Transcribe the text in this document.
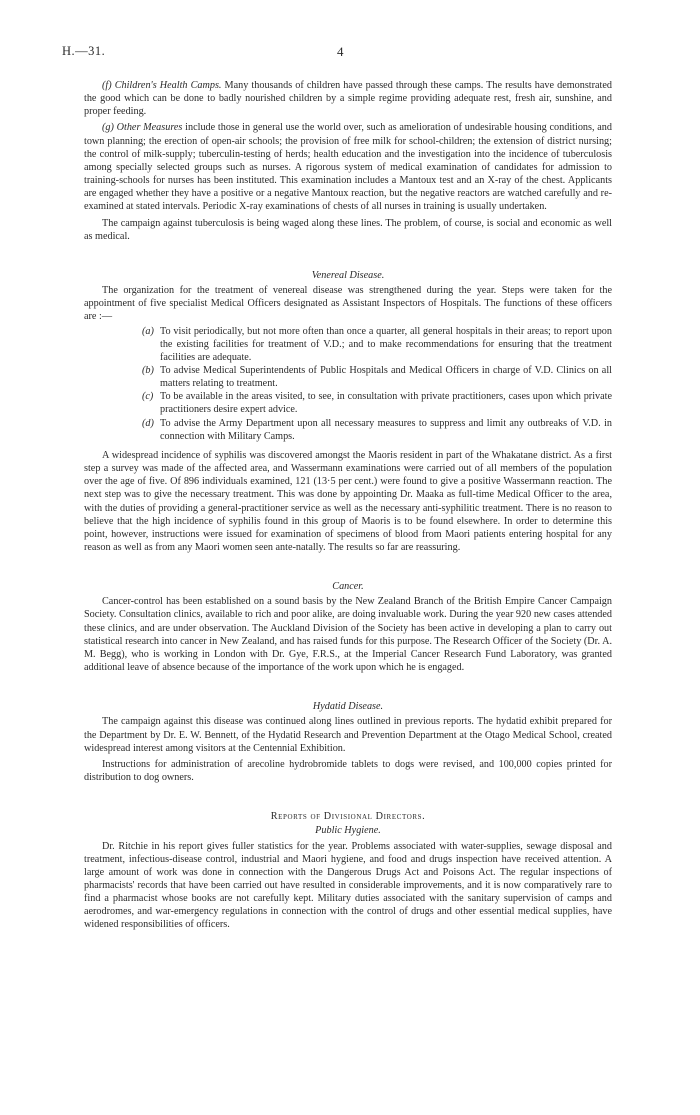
H.—31.	4

(f) Children's Health Camps. Many thousands of children have passed through these camps. The results have demonstrated the good which can be done to badly nourished children by a simple regime providing adequate rest, fresh air, sunshine, and proper feeding.

(g) Other Measures include those in general use the world over, such as amelioration of undesirable housing conditions, and town planning; the erection of open-air schools; the provision of free milk for school-children; the extension of district nursing; the control of milk-supply; tuberculin-testing of herds; health education and the investigation into the incidence of tuberculosis among specially selected groups such as nurses. A rigorous system of medical examination of candidates for admission to training-schools for nurses has been instituted. This examination includes a Mantoux test and an X-ray of the chest. Applicants are engaged whether they have a positive or a negative Mantoux reaction, but the negative reactors are watched carefully and re-examined at stated intervals. Periodic X-ray examinations of chests of all nurses in training is usually undertaken.

The campaign against tuberculosis is being waged along these lines. The problem, of course, is social and economic as well as medical.

Venereal Disease.

The organization for the treatment of venereal disease was strengthened during the year. Steps were taken for the appointment of five specialist Medical Officers designated as Assistant Inspectors of Hospitals. The functions of these officers are :—

(a) To visit periodically, but not more often than once a quarter, all general hospitals in their areas; to report upon the existing facilities for treatment of V.D.; and to make recommendations for ensuring that the treatment facilities are adequate.
(b) To advise Medical Superintendents of Public Hospitals and Medical Officers in charge of V.D. Clinics on all matters relating to treatment.
(c) To be available in the areas visited, to see, in consultation with private practitioners, cases upon which private practitioners desire expert advice.
(d) To advise the Army Department upon all necessary measures to suppress and limit any outbreaks of V.D. in connection with Military Camps.

A widespread incidence of syphilis was discovered amongst the Maoris resident in part of the Whakatane district. As a first step a survey was made of the affected area, and Wassermann examinations were carried out of all members of the population over the age of five. Of 896 individuals examined, 121 (13·5 per cent.) were found to give a positive Wassermann reaction. The next step was to give the necessary treatment. This was done by appointing Dr. Maaka as full-time Medical Officer to the area, with the duties of providing a general-practitioner service as well as the necessary anti-syphilitic treatment. There is no reason to believe that the high incidence of syphilis found in this group of Maoris is to be found elsewhere. In order to determine this point, however, instructions were issued for examination of specimens of blood from Maori patients entering hospital for any reason as well as from any Maori women seen ante-natally. The results so far are reassuring.

Cancer.

Cancer-control has been established on a sound basis by the New Zealand Branch of the British Empire Cancer Campaign Society. Consultation clinics, available to rich and poor alike, are doing invaluable work. During the year 920 new cases attended these clinics, and are under observation. The Auckland Division of the Society has been active in developing a plan to carry out statistical research into cancer in New Zealand, and has raised funds for this purpose. The Research Officer of the Society (Dr. A. M. Begg), who is working in London with Dr. Gye, F.R.S., at the Imperial Cancer Research Fund Laboratory, was granted additional leave of absence because of the importance of the work upon which he is engaged.

Hydatid Disease.

The campaign against this disease was continued along lines outlined in previous reports. The hydatid exhibit prepared for the Department by Dr. E. W. Bennett, of the Hydatid Research and Prevention Department at the Otago Medical School, created widespread interest among visitors at the Centennial Exhibition.

Instructions for administration of arecoline hydrobromide tablets to dogs were revised, and 100,000 copies printed for distribution to dog owners.

Reports of Divisional Directors.
Public Hygiene.

Dr. Ritchie in his report gives fuller statistics for the year. Problems associated with water-supplies, sewage disposal and treatment, infectious-disease control, industrial and Maori hygiene, and food and drugs inspection have received attention. A large amount of work was done in connection with the Dangerous Drugs Act and Poisons Act. The regular inspections of pharmacists' records that have been carried out have resulted in considerable improvements, and it is now comparatively rare to find a pharmacist whose books are not carefully kept. Military duties associated with the sanitary supervision of camps and aerodromes, and war-emergency regulations in connection with the control of drugs and other essential medical supplies, have widened responsibilities of officers.
